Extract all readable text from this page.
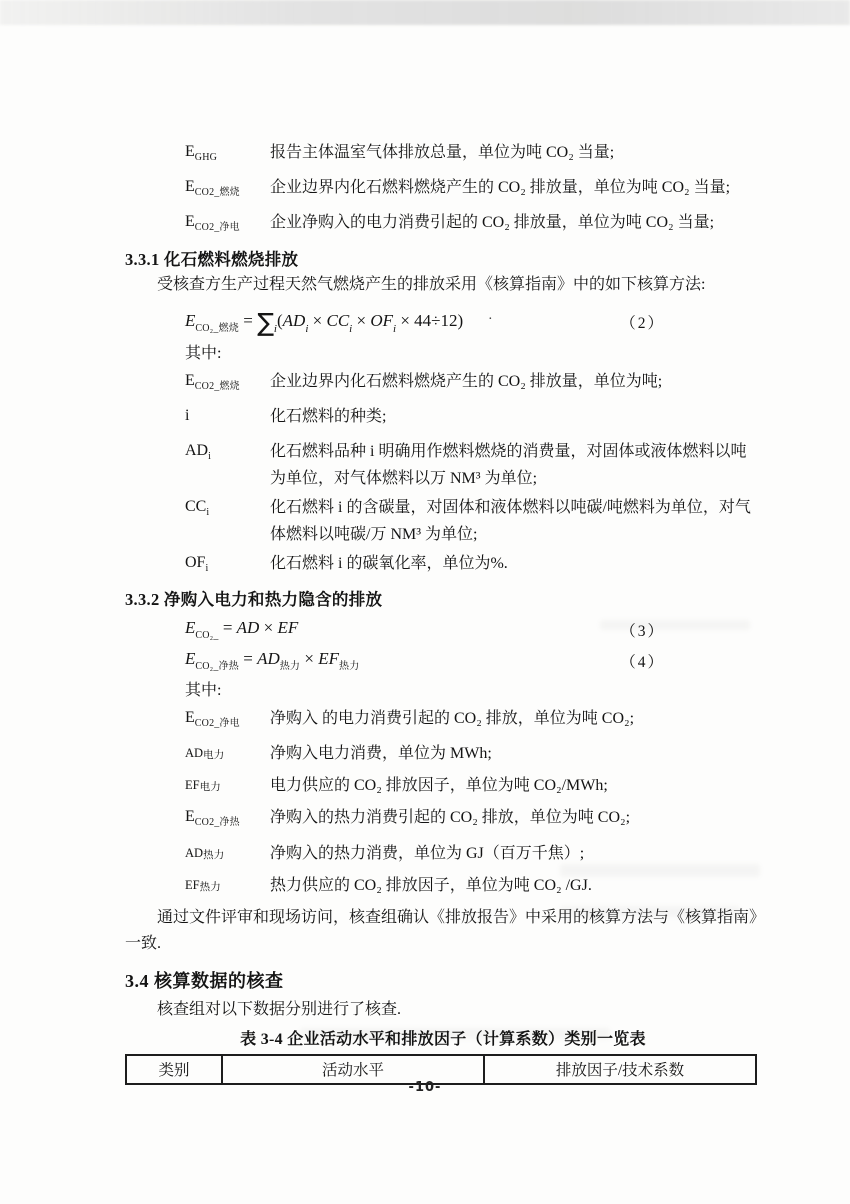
·
$E_{GHG}$	报告主体温室气体排放总量，单位为吨 CO₂ 当量;
$E_{CO2\_燃烧}$	企业边界内化石燃料燃烧产生的 CO₂ 排放量，单位为吨 CO₂ 当量;
$E_{CO2\_净电}$	企业净购入的电力消费引起的 CO₂ 排放量，单位为吨 CO₂ 当量;
3.3.1 化石燃料燃烧排放

受核查方生产过程天然气燃烧产生的排放采用《核算指南》中的如下核算方法:

$E_{CO_2\_燃烧} = \sum_i(AD_i \times CC_i \times OF_i \times 44\div 12)$	（2）
其中:
$E_{CO2\_燃烧}$	企业边界内化石燃料燃烧产生的 CO₂ 排放量，单位为吨;
i	化石燃料的种类;
$AD_i$	化石燃料品种 i 明确用作燃料燃烧的消费量，对固体或液体燃料以吨为单位，对气体燃料以万 NM³ 为单位;
$CC_i$	化石燃料 i 的含碳量，对固体和液体燃料以吨碳/吨燃料为单位，对气体燃料以吨碳/万 NM³ 为单位;
$OF_i$	化石燃料 i 的碳氧化率，单位为%.
3.3.2 净购入电力和热力隐含的排放
$E_{CO_2\_}$ = AD × EF	（3）
$E_{CO_2\_净热} = AD_{热力} \times EF_{热力}$	（4）
其中:
$E_{CO2\_净电}$	净购入 的电力消费引起的 CO₂ 排放，单位为吨 CO₂;
$AD_{电力}$	净购入电力消费，单位为 MWh;
$EF_{电力}$	电力供应的 CO₂ 排放因子，单位为吨 CO₂/MWh;
$E_{CO2\_净热}$	净购入的热力消费引起的 CO₂ 排放，单位为吨 CO₂;
$AD_{热力}$	净购入的热力消费，单位为 GJ（百万千焦）;
$EF_{热力}$	热力供应的 CO₂ 排放因子，单位为吨 CO₂ /GJ.

通过文件评审和现场访问，核查组确认《排放报告》中采用的核算方法与《核算指南》一致.

3.4 核算数据的核查

核查组对以下数据分别进行了核查.

表 3-4 企业活动水平和排放因子（计算系数）类别一览表
类别	活动水平	排放因子/技术系数
-10-
